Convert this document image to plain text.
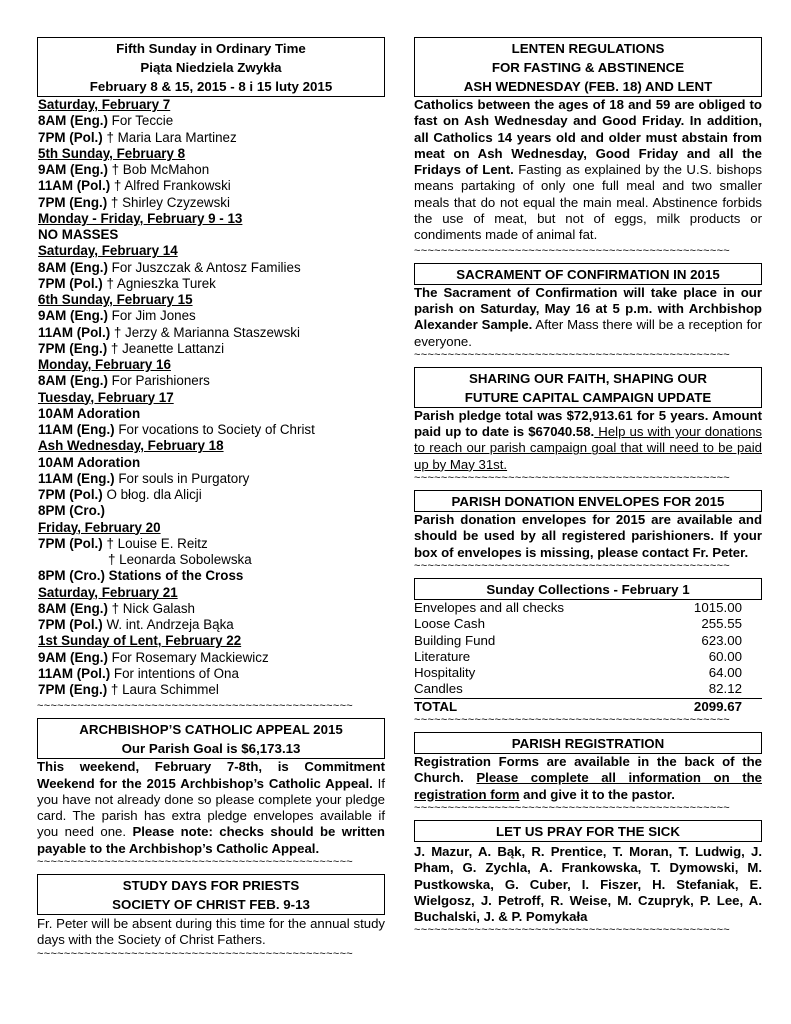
Fifth Sunday in Ordinary Time
Piąta Niedziela Zwykła
February 8 & 15, 2015 - 8 i 15 luty 2015
Saturday, February 7
8AM (Eng.) For Teccie
7PM (Pol.) † Maria Lara Martinez
5th Sunday, February 8
9AM (Eng.) † Bob McMahon
11AM (Pol.) † Alfred Frankowski
7PM (Eng.) † Shirley Czyzewski
Monday - Friday, February 9 - 13
NO MASSES
Saturday, February 14
8AM (Eng.) For Juszczak & Antosz Families
7PM (Pol.) † Agnieszka Turek
6th Sunday, February 15
9AM (Eng.) For Jim Jones
11AM (Pol.) † Jerzy & Marianna Staszewski
7PM (Eng.) † Jeanette Lattanzi
Monday, February 16
8AM (Eng.) For Parishioners
Tuesday, February 17
10AM Adoration
11AM (Eng.) For vocations to Society of Christ
Ash Wednesday, February 18
10AM Adoration
11AM (Eng.) For souls in Purgatory
7PM (Pol.) O błog. dla Alicji
8PM (Cro.)
Friday, February 20
7PM (Pol.) † Louise E. Reitz
† Leonarda Sobolewska
8PM (Cro.) Stations of the Cross
Saturday, February 21
8AM (Eng.) † Nick Galash
7PM (Pol.) W. int. Andrzeja Bąka
1st Sunday of Lent, February 22
9AM (Eng.) For Rosemary Mackiewicz
11AM (Pol.) For intentions of Ona
7PM (Eng.) † Laura Schimmel
~~~~~~~~~~~~~~~~~~~~~~~~~~~~~~~~~~~~~~~~~~~~~~~
ARCHBISHOP’S CATHOLIC APPEAL 2015
Our Parish Goal is $6,173.13
This weekend, February 7-8th, is Commitment Weekend for the 2015 Archbishop’s Catholic Appeal. If you have not already done so please complete your pledge card. The parish has extra pledge envelopes available if you need one. Please note: checks should be written payable to the Archbishop’s Catholic Appeal.
~~~~~~~~~~~~~~~~~~~~~~~~~~~~~~~~~~~~~~~~~~~~~~~
STUDY DAYS FOR PRIESTS
SOCIETY OF CHRIST FEB. 9-13
Fr. Peter will be absent during this time for the annual study days with the Society of Christ Fathers.
~~~~~~~~~~~~~~~~~~~~~~~~~~~~~~~~~~~~~~~~~~~~~~~
LENTEN REGULATIONS
FOR FASTING & ABSTINENCE
ASH WEDNESDAY (FEB. 18) AND LENT
Catholics between the ages of 18 and 59 are obliged to fast on Ash Wednesday and Good Friday. In addition, all Catholics 14 years old and older must abstain from meat on Ash Wednesday, Good Friday and all the Fridays of Lent. Fasting as explained by the U.S. bishops means partaking of only one full meal and two smaller meals that do not equal the main meal. Abstinence forbids the use of meat, but not of eggs, milk products or condiments made of animal fat.
~~~~~~~~~~~~~~~~~~~~~~~~~~~~~~~~~~~~~~~~~~~~~~~
SACRAMENT OF CONFIRMATION IN 2015
The Sacrament of Confirmation will take place in our parish on Saturday, May 16 at 5 p.m. with Archbishop Alexander Sample. After Mass there will be a reception for everyone.
~~~~~~~~~~~~~~~~~~~~~~~~~~~~~~~~~~~~~~~~~~~~~~~
SHARING OUR FAITH, SHAPING OUR
FUTURE CAPITAL CAMPAIGN UPDATE
Parish pledge total was $72,913.61 for 5 years. Amount paid up to date is $67040.58. Help us with your donations to reach our parish campaign goal that will need to be paid up by May 31st.
~~~~~~~~~~~~~~~~~~~~~~~~~~~~~~~~~~~~~~~~~~~~~~~
PARISH DONATION ENVELOPES FOR 2015
Parish donation envelopes for 2015 are available and should be used by all registered parishioners. If your box of envelopes is missing, please contact Fr. Peter.
~~~~~~~~~~~~~~~~~~~~~~~~~~~~~~~~~~~~~~~~~~~~~~~
Sunday Collections - February 1
Envelopes and all checks	1015.00
Loose Cash	255.55
Building Fund	623.00
Literature	60.00
Hospitality	64.00
Candles	82.12
TOTAL	2099.67
~~~~~~~~~~~~~~~~~~~~~~~~~~~~~~~~~~~~~~~~~~~~~~~
PARISH REGISTRATION
Registration Forms are available in the back of the Church. Please complete all information on the registration form and give it to the pastor.
~~~~~~~~~~~~~~~~~~~~~~~~~~~~~~~~~~~~~~~~~~~~~~~
LET US PRAY FOR THE SICK
J. Mazur, A. Bąk, R. Prentice, T. Moran, T. Ludwig, J. Pham, G. Zychla, A. Frankowska, T. Dymowski, M. Pustkowska, G. Cuber, I. Fiszer, H. Stefaniak, E. Wielgosz, J. Petroff, R. Weise, M. Czupryk, P. Lee, A. Buchalski, J. & P. Pomykała
~~~~~~~~~~~~~~~~~~~~~~~~~~~~~~~~~~~~~~~~~~~~~~~
